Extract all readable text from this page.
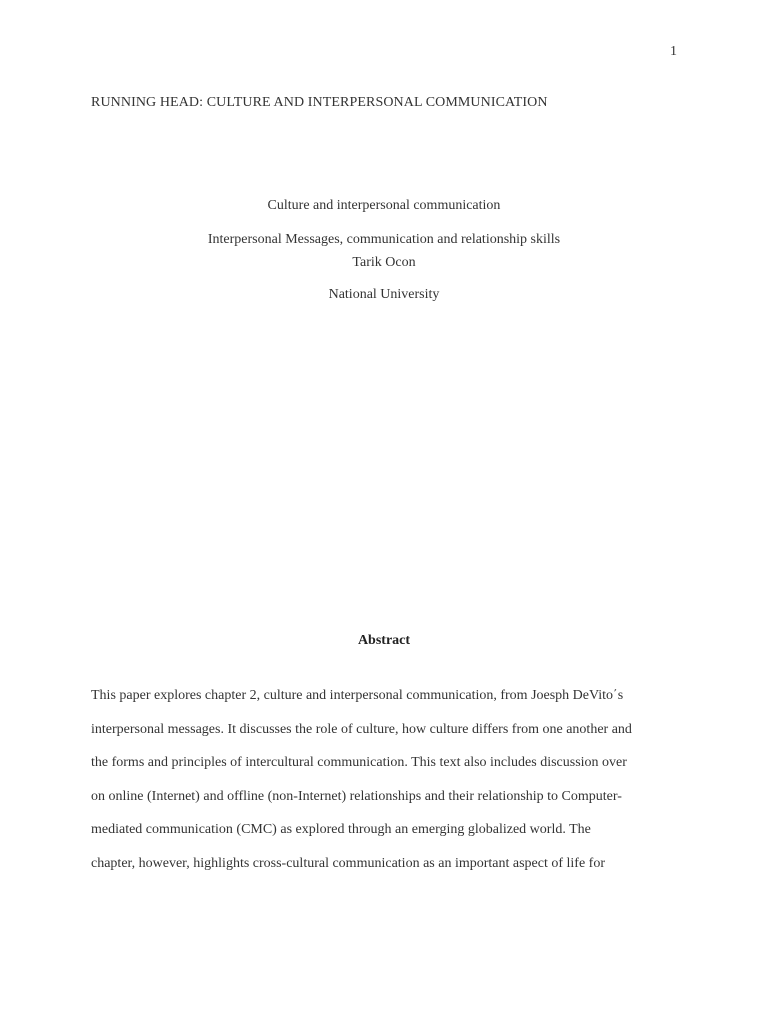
1
RUNNING HEAD: CULTURE AND INTERPERSONAL COMMUNICATION
Culture and interpersonal communication
Interpersonal Messages, communication and relationship skills
Tarik Ocon
National University
Abstract
This paper explores chapter 2, culture and interpersonal communication, from Joesph DeVito΄s
interpersonal messages. It discusses the role of culture, how culture differs from one another and
the forms and principles of intercultural communication. This text also includes discussion over
on online (Internet) and offline (non-Internet) relationships and their relationship to Computer-
mediated communication (CMC) as explored through an emerging globalized world. The
chapter, however, highlights cross-cultural communication as an important aspect of life for
